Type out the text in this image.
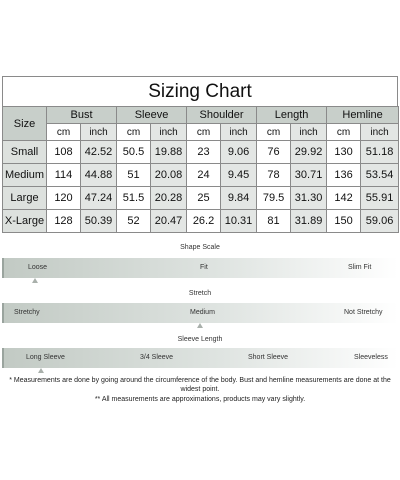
Sizing Chart
Size	Bust		Sleeve		Shoulder		Length		Hemline	
	cm	inch	cm	inch	cm	inch	cm	inch	cm	inch
Small	108	42.52	50.5	19.88	23	9.06	76	29.92	130	51.18
Medium	114	44.88	51	20.08	24	9.45	78	30.71	136	53.54
Large	120	47.24	51.5	20.28	25	9.84	79.5	31.30	142	55.91
X-Large	128	50.39	52	20.47	26.2	10.31	81	31.89	150	59.06
Shape Scale
Loose	Fit	Slim Fit
Stretch
Stretchy	Medium	Not Stretchy
Sleeve Length
Long Sleeve	3/4 Sleeve	Short Sleeve	Sleeveless
* Measurements are done by going around the circumference of the body. Bust and hemline measurements are done at the widest point.
** All measurements are approximations, products may vary slightly.
